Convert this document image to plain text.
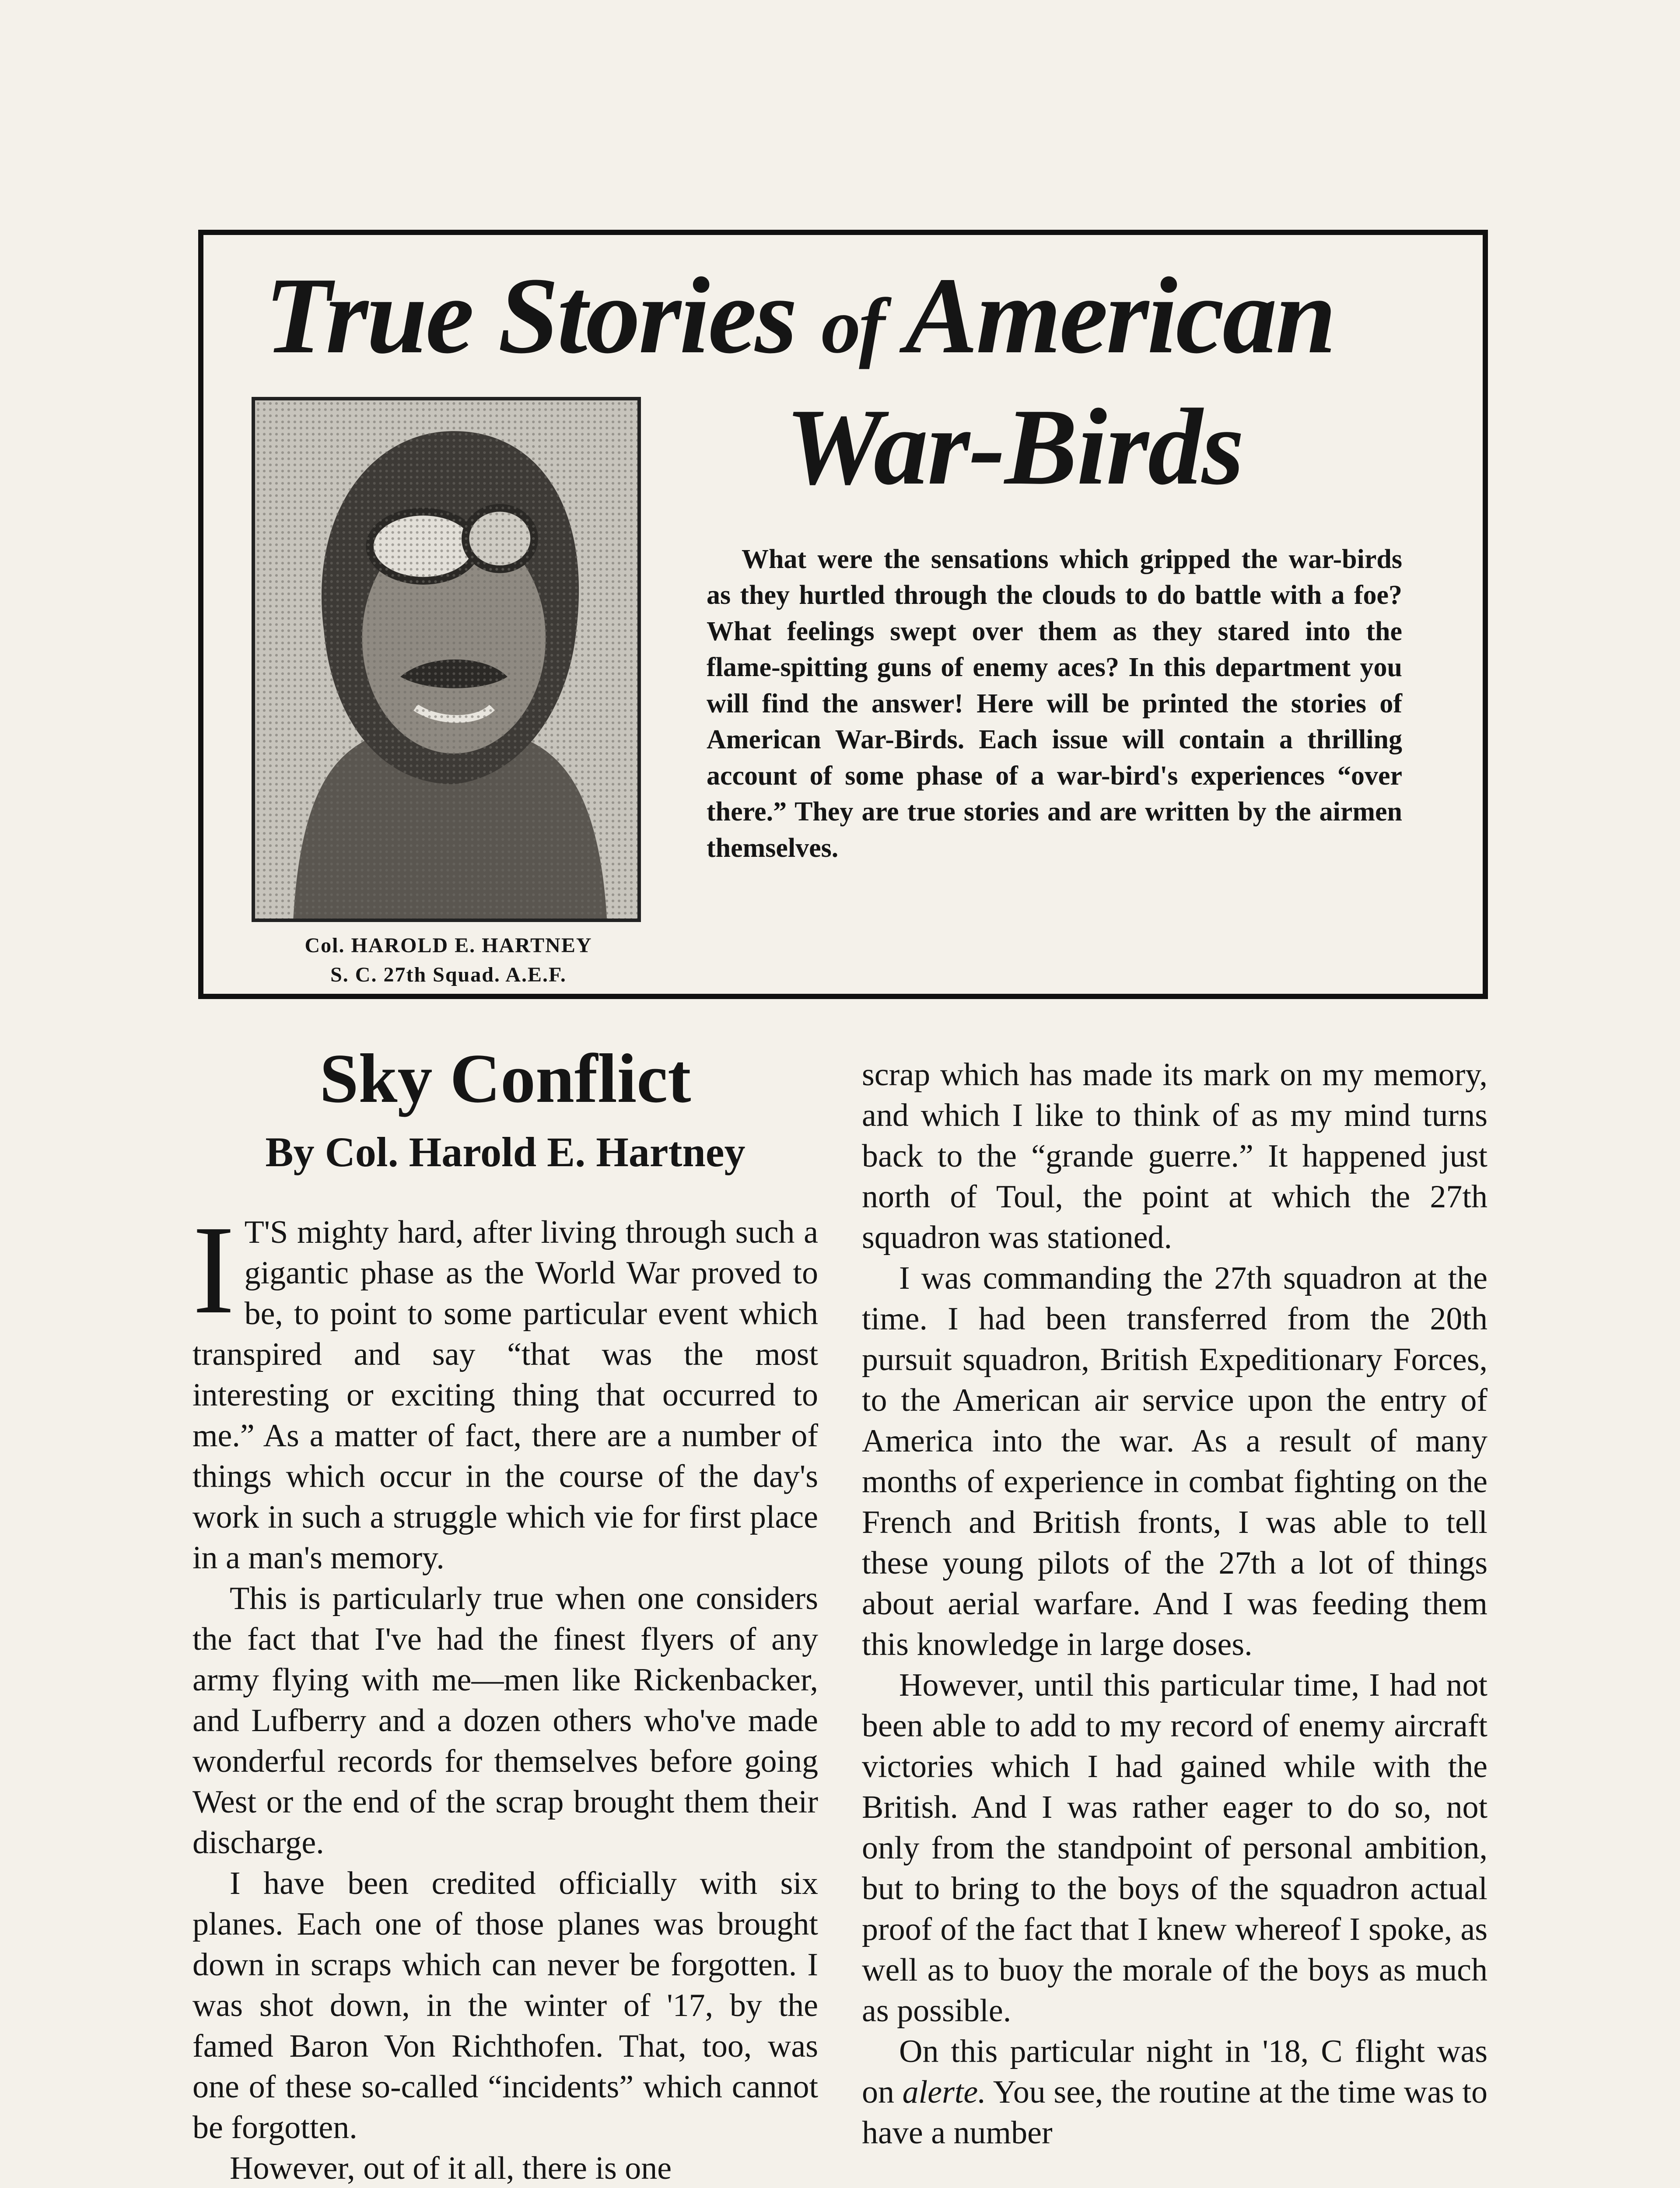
True Stories of American
War-Birds
Col. HAROLD E. HARTNEY
S. C. 27th Squad. A.E.F.

What were the sensations which gripped the war-birds as they hurtled through the clouds to do battle with a foe? What feelings swept over them as they stared into the flame-spitting guns of enemy aces? In this department you will find the answer! Here will be printed the stories of American War-Birds. Each issue will contain a thrilling account of some phase of a war-bird's experiences “over there.” They are true stories and are written by the airmen themselves.

Sky Conflict
By Col. Harold E. Hartney

I T'S mighty hard, after living through such a gigantic phase as the World War proved to be, to point to some particular event which transpired and say “that was the most interesting or exciting thing that occurred to me.” As a matter of fact, there are a number of things which occur in the course of the day's work in such a struggle which vie for first place in a man's memory.

This is particularly true when one considers the fact that I've had the finest flyers of any army flying with me—men like Rickenbacker, and Lufberry and a dozen others who've made wonderful records for themselves before going West or the end of the scrap brought them their discharge.

I have been credited officially with six planes. Each one of those planes was brought down in scraps which can never be forgotten. I was shot down, in the winter of '17, by the famed Baron Von Richthofen. That, too, was one of these so-called “incidents” which cannot be forgotten.

However, out of it all, there is one

scrap which has made its mark on my memory, and which I like to think of as my mind turns back to the “grande guerre.” It happened just north of Toul, the point at which the 27th squadron was stationed.

I was commanding the 27th squadron at the time. I had been transferred from the 20th pursuit squadron, British Expeditionary Forces, to the American air service upon the entry of America into the war. As a result of many months of experience in combat fighting on the French and British fronts, I was able to tell these young pilots of the 27th a lot of things about aerial warfare. And I was feeding them this knowledge in large doses.

However, until this particular time, I had not been able to add to my record of enemy aircraft victories which I had gained while with the British. And I was rather eager to do so, not only from the standpoint of personal ambition, but to bring to the boys of the squadron actual proof of the fact that I knew whereof I spoke, as well as to buoy the morale of the boys as much as possible.

On this particular night in '18, C flight was on alerte. You see, the routine at the time was to have a number
